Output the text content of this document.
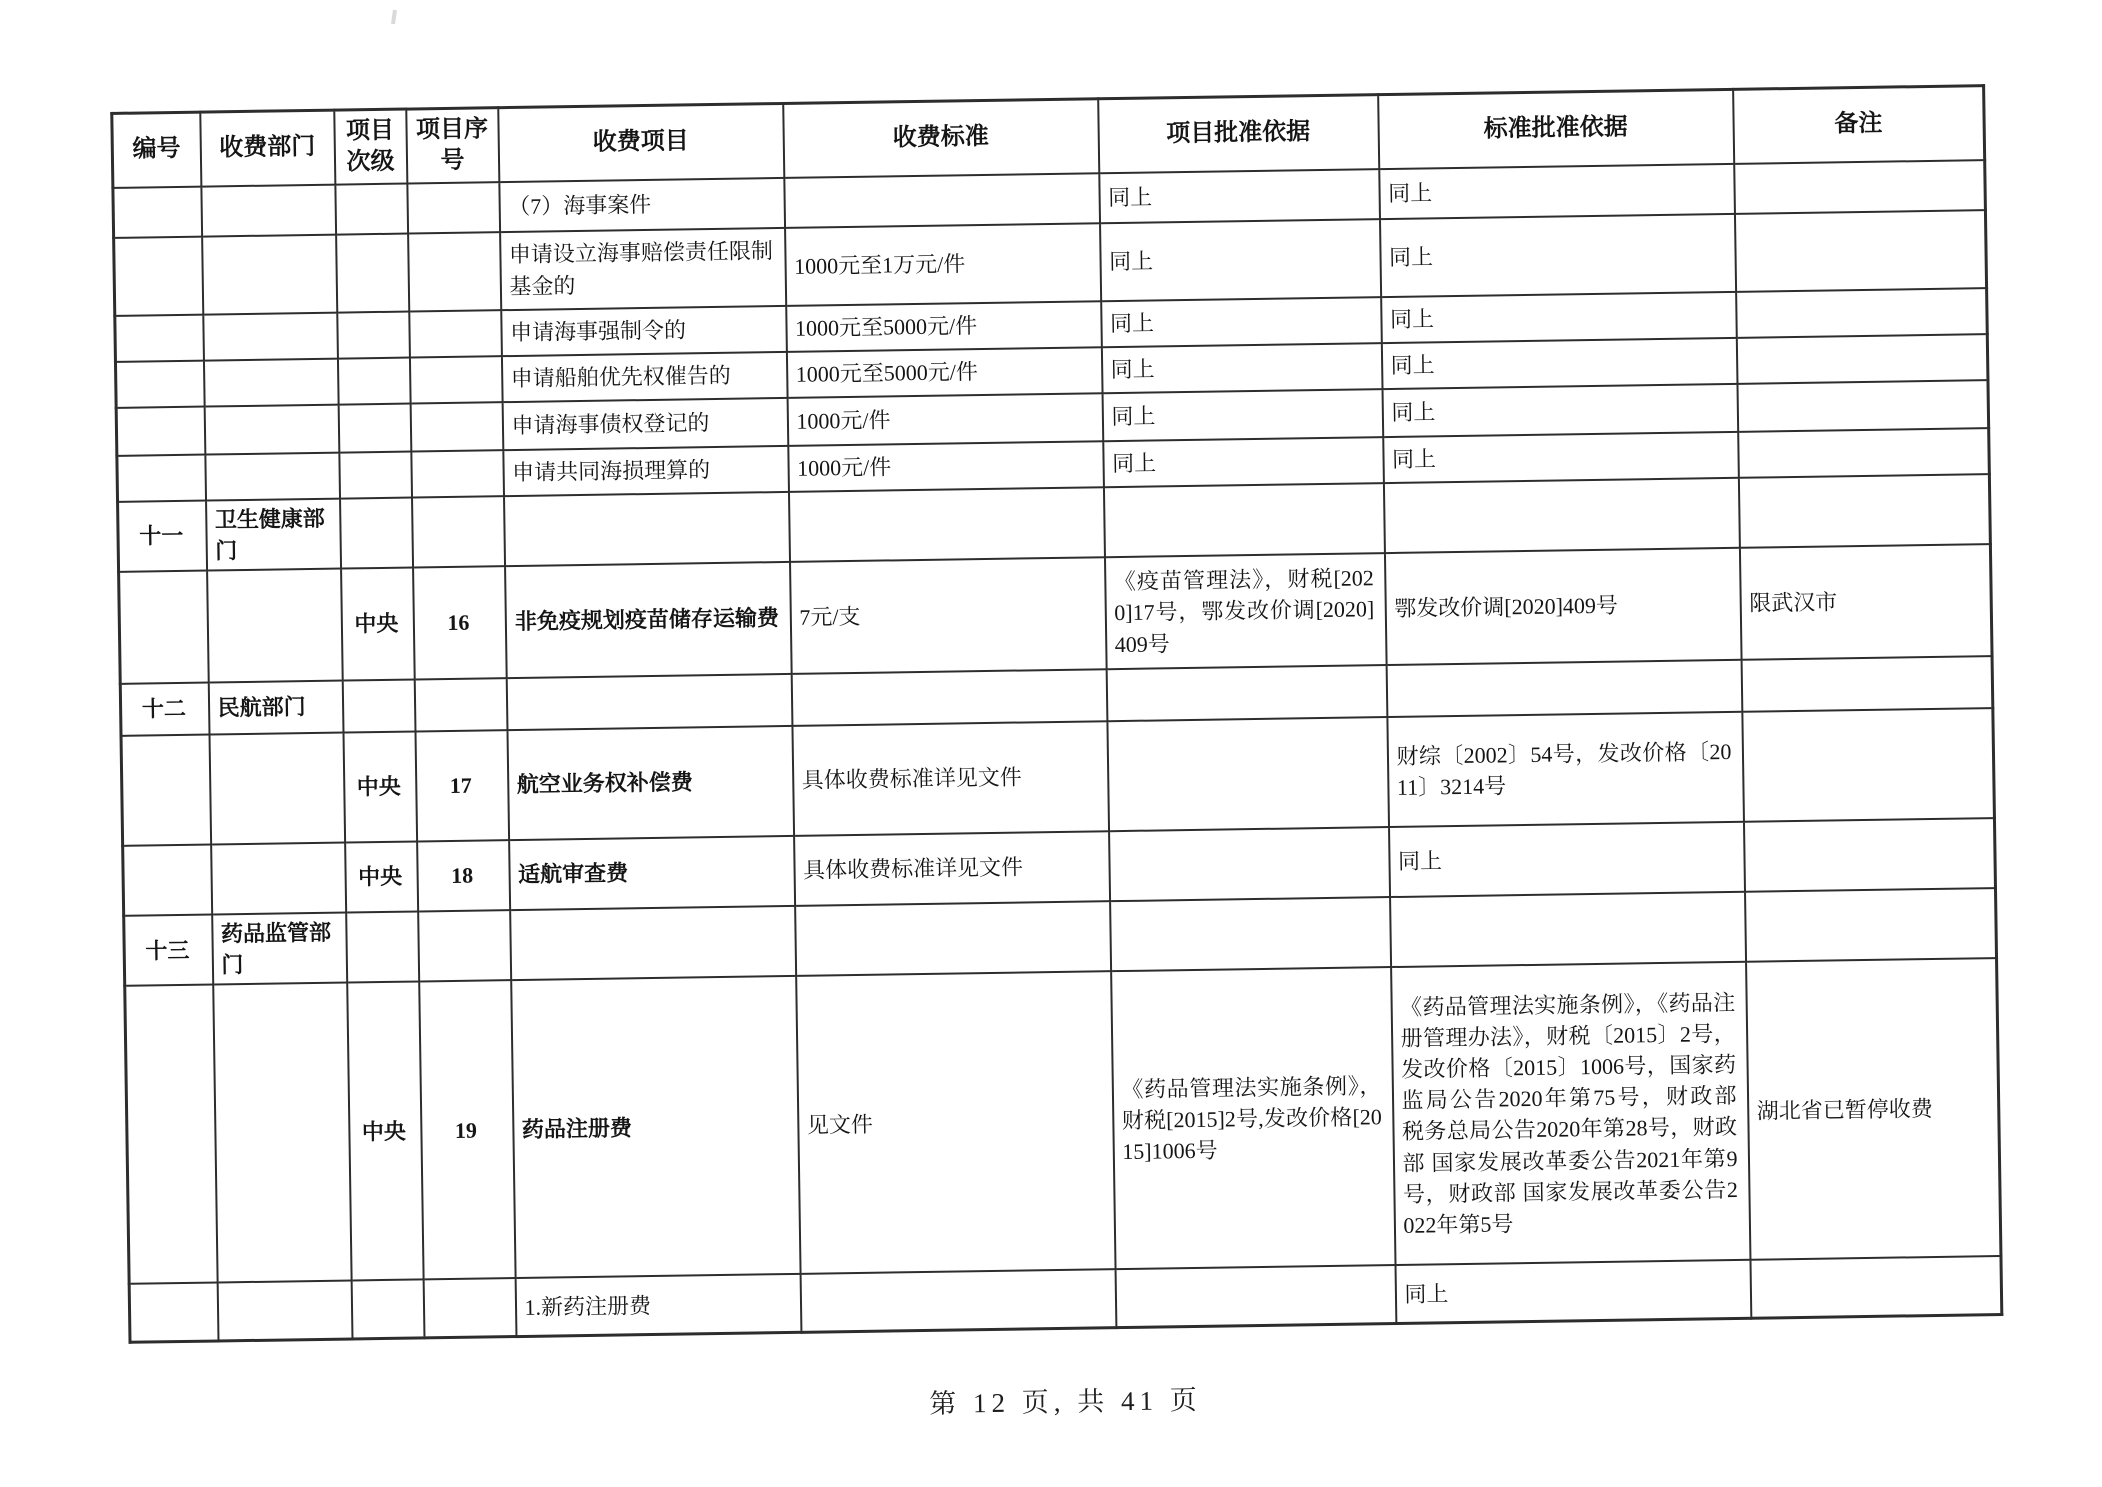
编号	收费部门	项目次级	项目序号	收费项目	收费标准	项目批准依据	标准批准依据	备注
				（7）海事案件		同上	同上	
				申请设立海事赔偿责任限制基金的	1000元至1万元/件	同上	同上	
				申请海事强制令的	1000元至5000元/件	同上	同上	
				申请船舶优先权催告的	1000元至5000元/件	同上	同上	
				申请海事债权登记的	1000元/件	同上	同上	
				申请共同海损理算的	1000元/件	同上	同上	
十一	卫生健康部门							
		中央	16	非免疫规划疫苗储存运输费	7元/支	《疫苗管理法》，财税[2020]17号，鄂发改价调[2020]409号	鄂发改价调[2020]409号	限武汉市
十二	民航部门							
		中央	17	航空业务权补偿费	具体收费标准详见文件		财综〔2002〕54号，发改价格〔2011〕3214号	
		中央	18	适航审查费	具体收费标准详见文件		同上	
十三	药品监管部门							
		中央	19	药品注册费	见文件	《药品管理法实施条例》，财税[2015]2号,发改价格[2015]1006号	《药品管理法实施条例》，《药品注册管理办法》，财税〔2015〕2号，发改价格〔2015〕1006号，国家药监局公告2020年第75号，财政部 税务总局公告2020年第28号，财政部 国家发展改革委公告2021年第9号，财政部 国家发展改革委公告2022年第5号	湖北省已暂停收费
				1.新药注册费			同上	
第 12 页, 共 41 页
